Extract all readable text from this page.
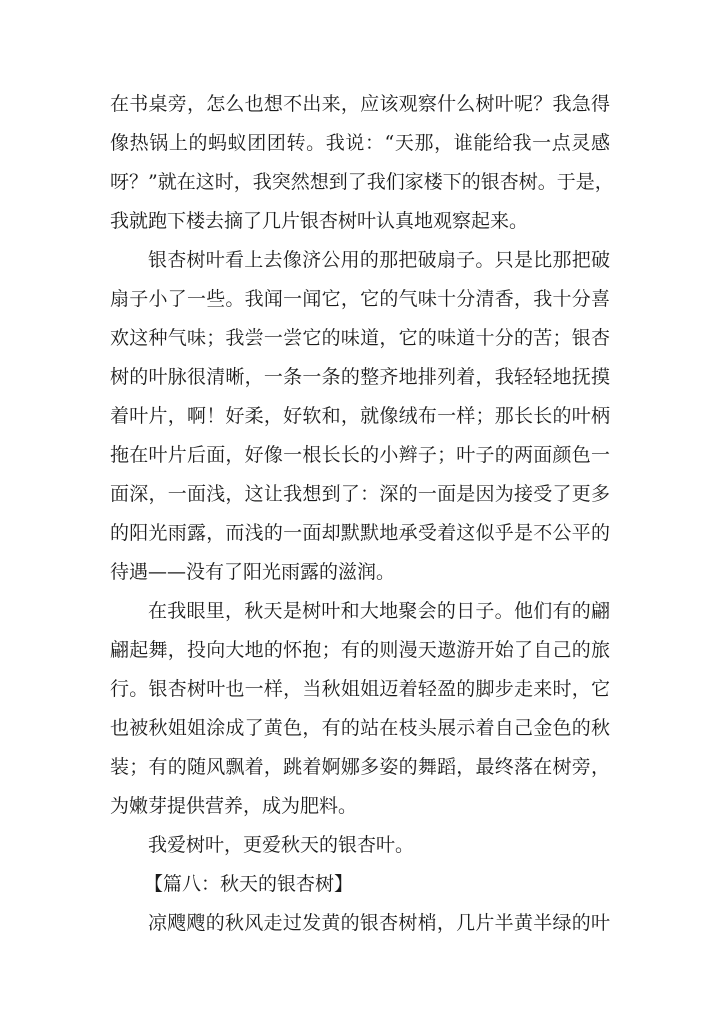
在书桌旁，怎么也想不出来，应该观察什么树叶呢？我急得

像热锅上的蚂蚁团团转。我说：“天那，谁能给我一点灵感

呀？”就在这时，我突然想到了我们家楼下的银杏树。于是，

我就跑下楼去摘了几片银杏树叶认真地观察起来。

银杏树叶看上去像济公用的那把破扇子。只是比那把破

扇子小了一些。我闻一闻它，它的气味十分清香，我十分喜

欢这种气味；我尝一尝它的味道，它的味道十分的苦；银杏

树的叶脉很清晰，一条一条的整齐地排列着，我轻轻地抚摸

着叶片，啊！好柔，好软和，就像绒布一样；那长长的叶柄

拖在叶片后面，好像一根长长的小辫子；叶子的两面颜色一

面深，一面浅，这让我想到了：深的一面是因为接受了更多

的阳光雨露，而浅的一面却默默地承受着这似乎是不公平的

待遇——没有了阳光雨露的滋润。

在我眼里，秋天是树叶和大地聚会的日子。他们有的翩

翩起舞，投向大地的怀抱；有的则漫天遨游开始了自己的旅

行。银杏树叶也一样，当秋姐姐迈着轻盈的脚步走来时，它

也被秋姐姐涂成了黄色，有的站在枝头展示着自己金色的秋

装；有的随风飘着，跳着婀娜多姿的舞蹈，最终落在树旁，

为嫩芽提供营养，成为肥料。

我爱树叶，更爱秋天的银杏叶。

【篇八：秋天的银杏树】

凉飕飕的秋风走过发黄的银杏树梢，几片半黄半绿的叶
